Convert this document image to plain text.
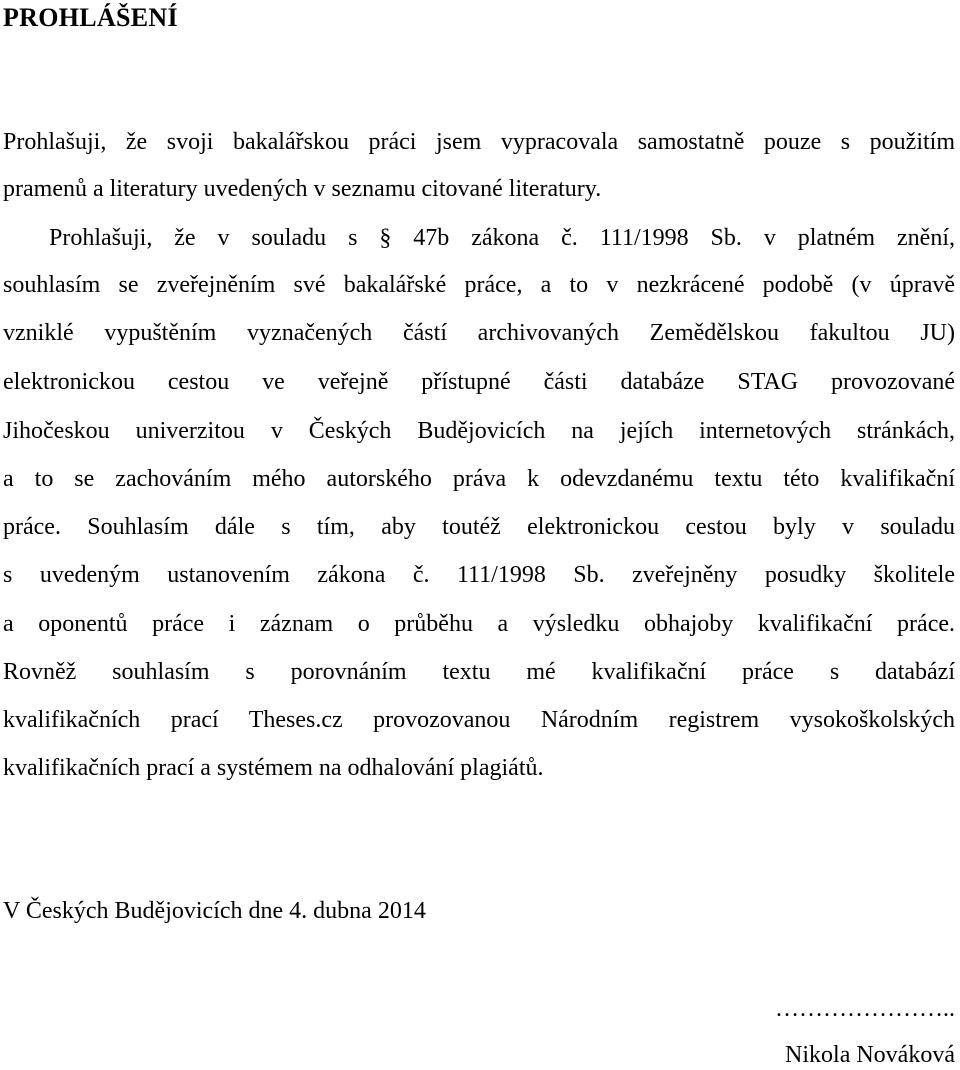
PROHLÁŠENÍ
Prohlašuji, že svoji bakalářskou práci jsem vypracovala samostatně pouze s použitím
pramenů a literatury uvedených v seznamu citované literatury.
Prohlašuji, že v souladu s § 47b zákona č. 111/1998 Sb. v platném znění,
souhlasím se zveřejněním své bakalářské práce, a to v nezkrácené podobě (v úpravě
vzniklé vypuštěním vyznačených částí archivovaných Zemědělskou fakultou JU)
elektronickou cestou ve veřejně přístupné části databáze STAG provozované
Jihočeskou univerzitou v Českých Budějovicích na jejích internetových stránkách,
a to se zachováním mého autorského práva k odevzdanému textu této kvalifikační
práce. Souhlasím dále s tím, aby toutéž elektronickou cestou byly v souladu
s uvedeným ustanovením zákona č. 111/1998 Sb. zveřejněny posudky školitele
a oponentů práce i záznam o průběhu a výsledku obhajoby kvalifikační práce.
Rovněž souhlasím s porovnáním textu mé kvalifikační práce s databází
kvalifikačních prací Theses.cz provozovanou Národním registrem vysokoškolských
kvalifikačních prací a systémem na odhalování plagiátů.
V Českých Budějovicích dne 4. dubna 2014
…………………..
Nikola Nováková
